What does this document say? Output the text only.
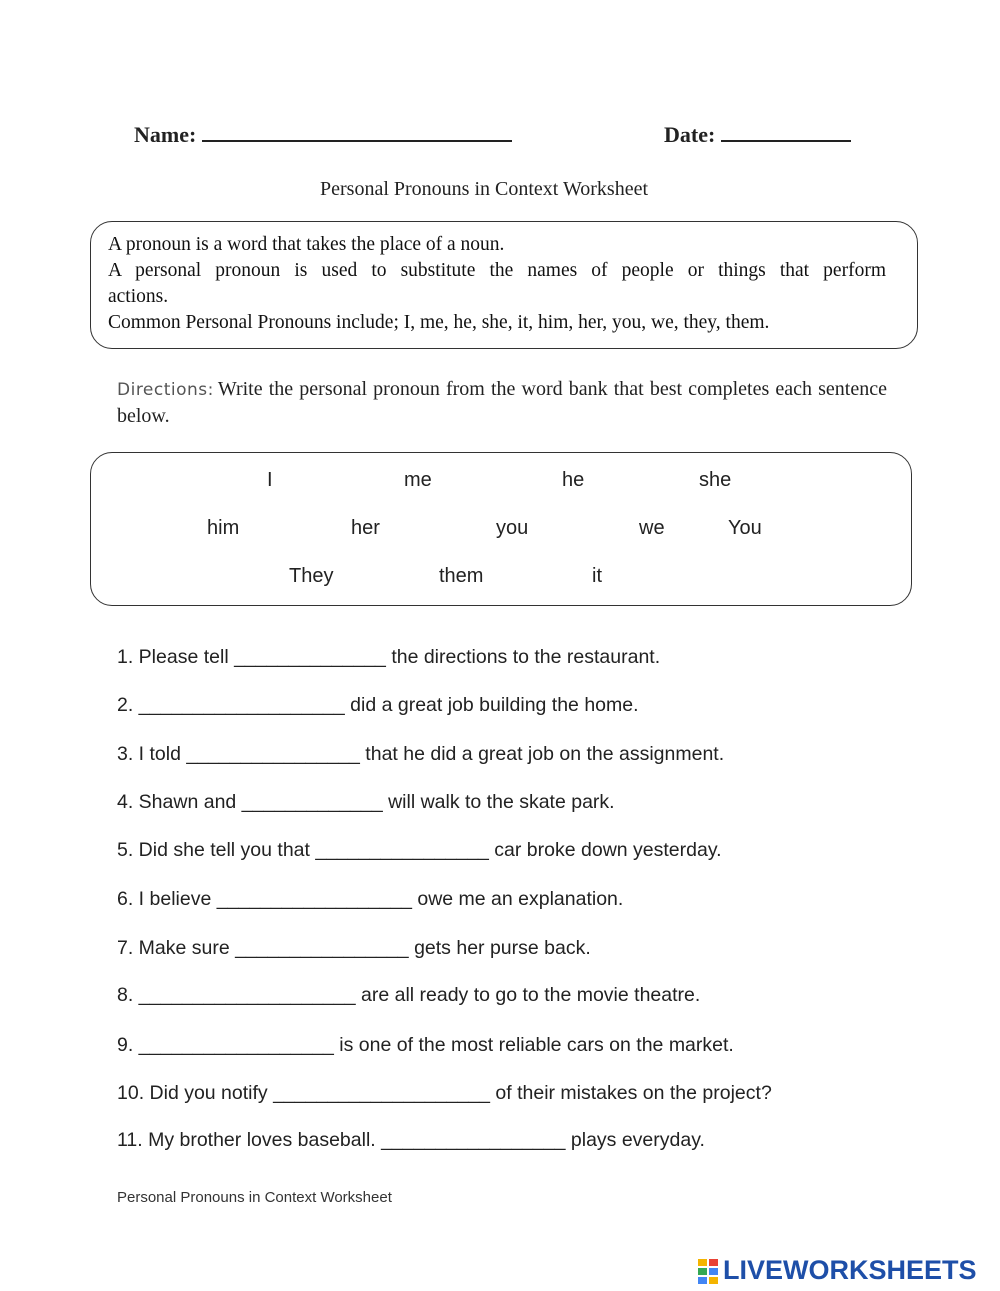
Name:	Date:
Personal Pronouns in Context Worksheet
A pronoun is a word that takes the place of a noun.
A personal pronoun is used to substitute the names of people or things that perform
actions.
Common Personal Pronouns include; I, me, he, she, it, him, her, you, we, they, them.
Directions: Write the personal pronoun from the word bank that best completes each sentence below.
I	me	he	she
him	her	you	we	You
They	them	it
1. Please tell ______________ the directions to the restaurant.
2. ___________________ did a great job building the home.
3. I told ________________ that he did a great job on the assignment.
4. Shawn and _____________ will walk to the skate park.
5. Did she tell you that ________________ car broke down yesterday.
6. I believe __________________ owe me an explanation.
7. Make sure ________________ gets her purse back.
8. ____________________ are all ready to go to the movie theatre.
9. __________________ is one of the most reliable cars on the market.
10. Did you notify ____________________ of their mistakes on the project?
11. My brother loves baseball. _________________ plays everyday.
Personal Pronouns in Context Worksheet
LIVEWORKSHEETS
